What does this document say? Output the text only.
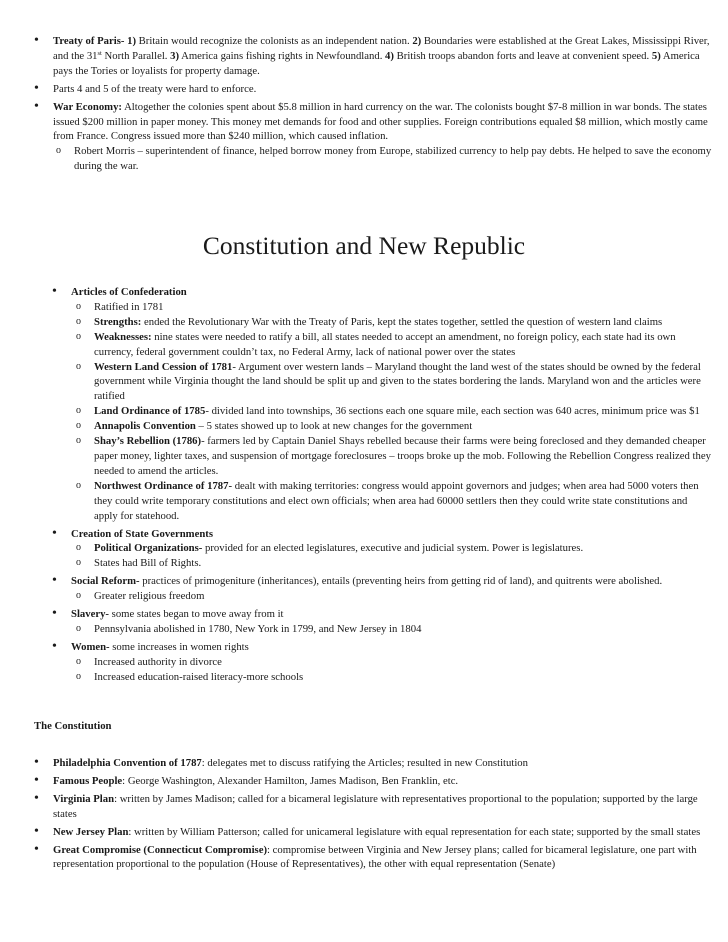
• Treaty of Paris- 1) Britain would recognize the colonists as an independent nation. 2) Boundaries were established at the Great Lakes, Mississippi River, and the 31st North Parallel. 3) America gains fishing rights in Newfoundland. 4) British troops abandon forts and leave at convenient speed. 5) America pays the Tories or loyalists for property damage.
• Parts 4 and 5 of the treaty were hard to enforce.
• War Economy: Altogether the colonies spent about $5.8 million in hard currency on the war. The colonists bought $7-8 million in war bonds. The states issued $200 million in paper money. This money met demands for food and other supplies. Foreign contributions equaled $8 million, which mostly came from France. Congress issued more than $240 million, which caused inflation.
o Robert Morris – superintendent of finance, helped borrow money from Europe, stabilized currency to help pay debts. He helped to save the economy during the war.
Constitution and New Republic
• Articles of Confederation
o Ratified in 1781
o Strengths: ended the Revolutionary War with the Treaty of Paris, kept the states together, settled the question of western land claims
o Weaknesses: nine states were needed to ratify a bill, all states needed to accept an amendment, no foreign policy, each state had its own currency, federal government couldn’t tax, no Federal Army, lack of national power over the states
o Western Land Cession of 1781- Argument over western lands – Maryland thought the land west of the states should be owned by the federal government while Virginia thought the land should be split up and given to the states bordering the lands. Maryland won and the articles were ratified
o Land Ordinance of 1785- divided land into townships, 36 sections each one square mile, each section was 640 acres, minimum price was $1
o Annapolis Convention – 5 states showed up to look at new changes for the government
o Shay’s Rebellion (1786)- farmers led by Captain Daniel Shays rebelled because their farms were being foreclosed and they demanded cheaper paper money, lighter taxes, and suspension of mortgage foreclosures – troops broke up the mob. Following the Rebellion Congress realized they needed to amend the articles.
o Northwest Ordinance of 1787- dealt with making territories: congress would appoint governors and judges; when area had 5000 voters then they could write temporary constitutions and elect own officials; when area had 60000 settlers then they could write state constitutions and apply for statehood.
• Creation of State Governments
o Political Organizations- provided for an elected legislatures, executive and judicial system. Power is legislatures.
o States had Bill of Rights.
• Social Reform- practices of primogeniture (inheritances), entails (preventing heirs from getting rid of land), and quitrents were abolished.
o Greater religious freedom
• Slavery- some states began to move away from it
o Pennsylvania abolished in 1780, New York in 1799, and New Jersey in 1804
• Women- some increases in women rights
o Increased authority in divorce
o Increased education-raised literacy-more schools

The Constitution

• Philadelphia Convention of 1787: delegates met to discuss ratifying the Articles; resulted in new Constitution
• Famous People: George Washington, Alexander Hamilton, James Madison, Ben Franklin, etc.
• Virginia Plan: written by James Madison; called for a bicameral legislature with representatives proportional to the population; supported by the large states
• New Jersey Plan: written by William Patterson; called for unicameral legislature with equal representation for each state; supported by the small states
• Great Compromise (Connecticut Compromise): compromise between Virginia and New Jersey plans; called for bicameral legislature, one part with representation proportional to the population (House of Representatives), the other with equal representation (Senate)
